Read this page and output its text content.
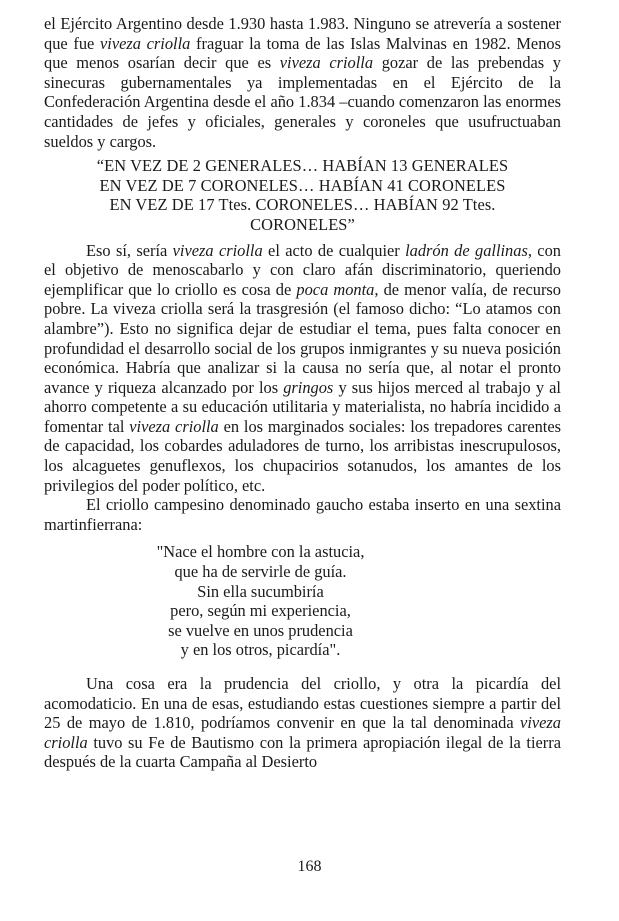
el Ejército Argentino desde 1.930 hasta 1.983. Ninguno se atrevería a sostener que fue viveza criolla fraguar la toma de las Islas Malvinas en 1982. Menos que menos osarían decir que es viveza criolla gozar de las prebendas y sinecuras gubernamentales ya implementadas en el Ejército de la Confederación Argentina desde el año 1.834 –cuando comenzaron las enormes cantidades de jefes y oficiales, generales y coroneles que usufructuaban sueldos y cargos.

“EN VEZ DE 2 GENERALES… HABÍAN 13 GENERALES
EN VEZ DE 7 CORONELES… HABÍAN 41 CORONELES
EN VEZ DE 17 Ttes. CORONELES… HABÍAN 92 Ttes.
CORONELES”

Eso sí, sería viveza criolla el acto de cualquier ladrón de gallinas, con el objetivo de menoscabarlo y con claro afán discriminatorio, queriendo ejemplificar que lo criollo es cosa de poca monta, de menor valía, de recurso pobre. La viveza criolla será la trasgresión (el famoso dicho: “Lo atamos con alambre”). Esto no significa dejar de estudiar el tema, pues falta conocer en profundidad el desarrollo social de los grupos inmigrantes y su nueva posición económica. Habría que analizar si la causa no sería que, al notar el pronto avance y riqueza alcanzado por los gringos y sus hijos merced al trabajo y al ahorro competente a su educación utilitaria y materialista, no habría incidido a fomentar tal viveza criolla en los marginados sociales: los trepadores carentes de capacidad, los cobardes aduladores de turno, los arribistas inescrupulosos, los alcaguetes genuflexos, los chupacirios sotanudos, los amantes de los privilegios del poder político, etc.

El criollo campesino denominado gaucho estaba inserto en una sextina martinfierrana:

"Nace el hombre con la astucia,
que ha de servirle de guía.
Sin ella sucumbiría
pero, según mi experiencia,
se vuelve en unos prudencia
y en los otros, picardía".

Una cosa era la prudencia del criollo, y otra la picardía del acomodaticio. En una de esas, estudiando estas cuestiones siempre a partir del 25 de mayo de 1.810, podríamos convenir en que la tal denominada viveza criolla tuvo su Fe de Bautismo con la primera apropiación ilegal de la tierra después de la cuarta Campaña al Desierto

168
